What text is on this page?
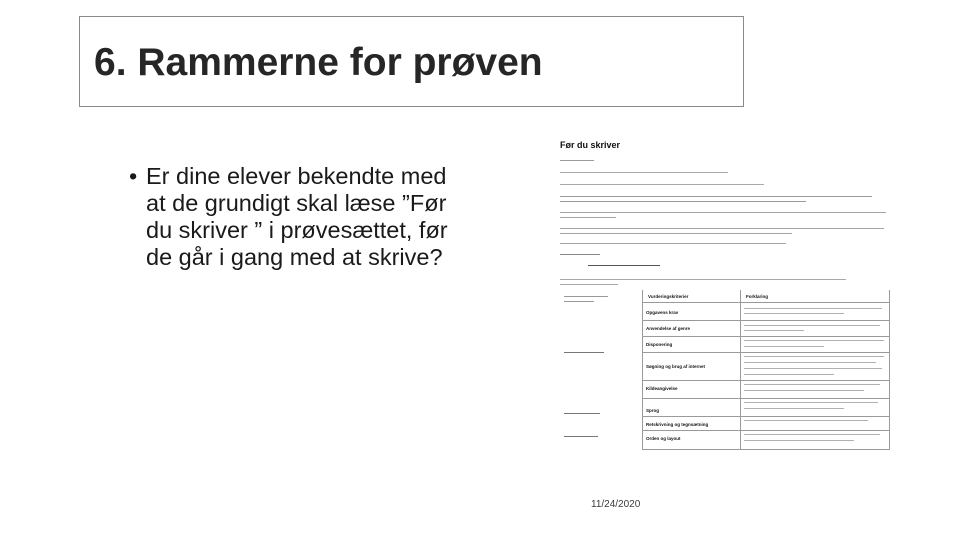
6. Rammerne for prøven
• Er dine elever bekendte med at de grundigt skal læse ”Før du skriver ” i prøvesættet, før de går i gang med at skrive?
Før du skriver

Vurderingskriterier	Forklaring
Opgavens krav
Anvendelse af genre
Disponering
Søgning og brug af internet
Kildeangivelse
Sprog
Retskrivning og tegnsætning
Orden og layout
11/24/2020
